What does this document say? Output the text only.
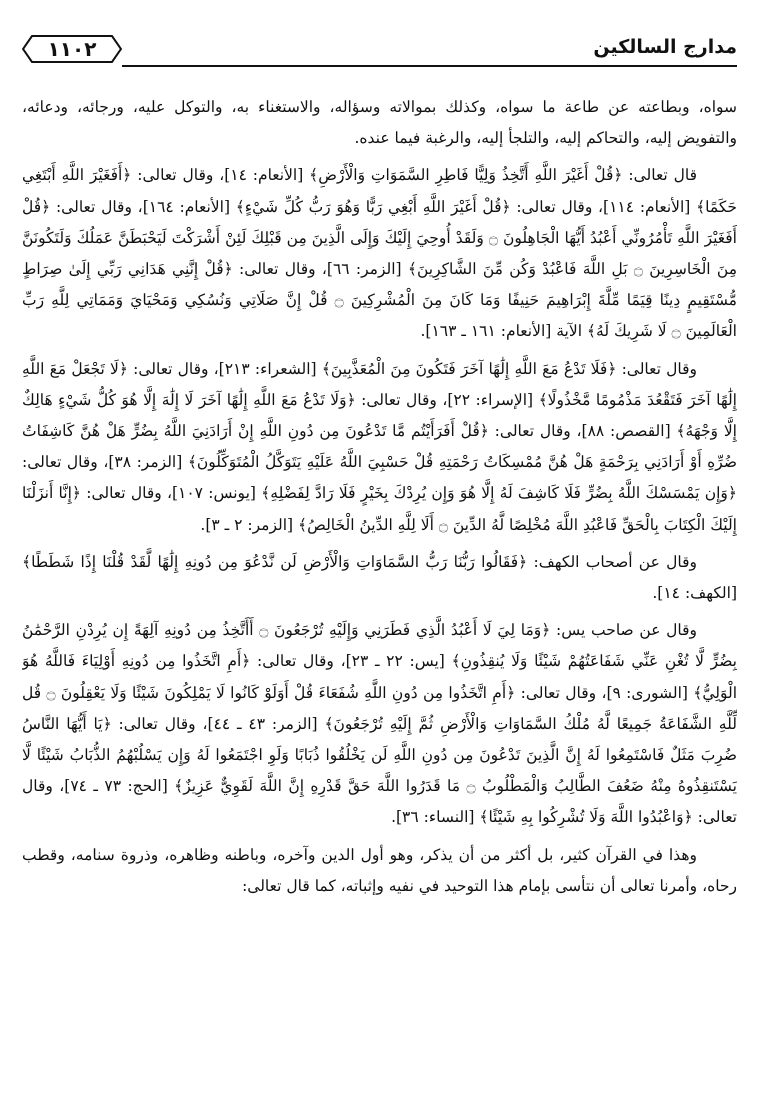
١١٠٢	مدارج السالكين

سواه، وبطاعته عن طاعة ما سواه، وكذلك بموالاته وسؤاله، والاستغناء به، والتوكل عليه، ورجائه، ودعائه، والتفويض إليه، والتحاكم إليه، والتلجأ إليه، والرغبة فيما عنده.

قال تعالى: ﴿قُلْ أَغَيْرَ اللَّهِ أَتَّخِذُ وَلِيًّا فَاطِرِ السَّمَوَاتِ وَالْأَرْضِ﴾ [الأنعام: ١٤]، وقال تعالى: ﴿أَفَغَيْرَ اللَّهِ أَبْتَغِي حَكَمًا﴾ [الأنعام: ١١٤]، وقال تعالى: ﴿قُلْ أَغَيْرَ اللَّهِ أَبْغِي رَبًّا وَهُوَ رَبُّ كُلِّ شَيْءٍ﴾ [الأنعام: ١٦٤]، وقال تعالى: ﴿قُلْ أَفَغَيْرَ اللَّهِ تَأْمُرُونِّي أَعْبُدُ أَيُّهَا الْجَاهِلُونَ ۝ وَلَقَدْ أُوحِيَ إِلَيْكَ وَإِلَى الَّذِينَ مِن قَبْلِكَ لَئِنْ أَشْرَكْتَ لَيَحْبَطَنَّ عَمَلُكَ وَلَتَكُونَنَّ مِنَ الْخَاسِرِينَ ۝ بَلِ اللَّهَ فَاعْبُدْ وَكُن مِّنَ الشَّاكِرِينَ﴾ [الزمر: ٦٦]، وقال تعالى: ﴿قُلْ إِنَّنِي هَدَانِي رَبِّي إِلَىٰ صِرَاطٍ مُّسْتَقِيمٍ دِينًا قِيَمًا مِّلَّةَ إِبْرَاهِيمَ حَنِيفًا وَمَا كَانَ مِنَ الْمُشْرِكِينَ ۝ قُلْ إِنَّ صَلَاتِي وَنُسُكِي وَمَحْيَايَ وَمَمَاتِي لِلَّهِ رَبِّ الْعَالَمِينَ ۝ لَا شَرِيكَ لَهُ﴾ الآية [الأنعام: ١٦١ ـ ١٦٣].

وقال تعالى: ﴿فَلَا تَدْعُ مَعَ اللَّهِ إِلَٰهًا آخَرَ فَتَكُونَ مِنَ الْمُعَذَّبِينَ﴾ [الشعراء: ٢١٣]، وقال تعالى: ﴿لَا تَجْعَلْ مَعَ اللَّهِ إِلَٰهًا آخَرَ فَتَقْعُدَ مَذْمُومًا مَّخْذُولًا﴾ [الإسراء: ٢٢]، وقال تعالى: ﴿وَلَا تَدْعُ مَعَ اللَّهِ إِلَٰهًا آخَرَ لَا إِلَٰهَ إِلَّا هُوَ كُلُّ شَيْءٍ هَالِكٌ إِلَّا وَجْهَهُ﴾ [القصص: ٨٨]، وقال تعالى: ﴿قُلْ أَفَرَأَيْتُم مَّا تَدْعُونَ مِن دُونِ اللَّهِ إِنْ أَرَادَنِيَ اللَّهُ بِضُرٍّ هَلْ هُنَّ كَاشِفَاتُ ضُرِّهِ أَوْ أَرَادَنِي بِرَحْمَةٍ هَلْ هُنَّ مُمْسِكَاتُ رَحْمَتِهِ قُلْ حَسْبِيَ اللَّهُ عَلَيْهِ يَتَوَكَّلُ الْمُتَوَكِّلُونَ﴾ [الزمر: ٣٨]، وقال تعالى: ﴿وَإِن يَمْسَسْكَ اللَّهُ بِضُرٍّ فَلَا كَاشِفَ لَهُ إِلَّا هُوَ وَإِن يُرِدْكَ بِخَيْرٍ فَلَا رَادَّ لِفَضْلِهِ﴾ [يونس: ١٠٧]، وقال تعالى: ﴿إِنَّا أَنزَلْنَا إِلَيْكَ الْكِتَابَ بِالْحَقِّ فَاعْبُدِ اللَّهَ مُخْلِصًا لَّهُ الدِّينَ ۝ أَلَا لِلَّهِ الدِّينُ الْخَالِصُ﴾ [الزمر: ٢ ـ ٣].

وقال عن أصحاب الكهف: ﴿فَقَالُوا رَبُّنَا رَبُّ السَّمَاوَاتِ وَالْأَرْضِ لَن نَّدْعُوَ مِن دُونِهِ إِلَٰهًا لَّقَدْ قُلْنَا إِذًا شَطَطًا﴾ [الكهف: ١٤].

وقال عن صاحب يس: ﴿وَمَا لِيَ لَا أَعْبُدُ الَّذِي فَطَرَنِي وَإِلَيْهِ تُرْجَعُونَ ۝ أَأَتَّخِذُ مِن دُونِهِ آلِهَةً إِن يُرِدْنِ الرَّحْمَٰنُ بِضُرٍّ لَّا تُغْنِ عَنِّي شَفَاعَتُهُمْ شَيْئًا وَلَا يُنقِذُونِ﴾ [يس: ٢٢ ـ ٢٣]، وقال تعالى: ﴿أَمِ اتَّخَذُوا مِن دُونِهِ أَوْلِيَاءَ فَاللَّهُ هُوَ الْوَلِيُّ﴾ [الشورى: ٩]، وقال تعالى: ﴿أَمِ اتَّخَذُوا مِن دُونِ اللَّهِ شُفَعَاءَ قُلْ أَوَلَوْ كَانُوا لَا يَمْلِكُونَ شَيْئًا وَلَا يَعْقِلُونَ ۝ قُل لِّلَّهِ الشَّفَاعَةُ جَمِيعًا لَّهُ مُلْكُ السَّمَاوَاتِ وَالْأَرْضِ ثُمَّ إِلَيْهِ تُرْجَعُونَ﴾ [الزمر: ٤٣ ـ ٤٤]، وقال تعالى: ﴿يَا أَيُّهَا النَّاسُ ضُرِبَ مَثَلٌ فَاسْتَمِعُوا لَهُ إِنَّ الَّذِينَ تَدْعُونَ مِن دُونِ اللَّهِ لَن يَخْلُقُوا ذُبَابًا وَلَوِ اجْتَمَعُوا لَهُ وَإِن يَسْلُبْهُمُ الذُّبَابُ شَيْئًا لَّا يَسْتَنقِذُوهُ مِنْهُ ضَعُفَ الطَّالِبُ وَالْمَطْلُوبُ ۝ مَا قَدَرُوا اللَّهَ حَقَّ قَدْرِهِ إِنَّ اللَّهَ لَقَوِيٌّ عَزِيزٌ﴾ [الحج: ٧٣ ـ ٧٤]، وقال تعالى: ﴿وَاعْبُدُوا اللَّهَ وَلَا تُشْرِكُوا بِهِ شَيْئًا﴾ [النساء: ٣٦].

وهذا في القرآن كثير، بل أكثر من أن يذكر، وهو أول الدين وآخره، وباطنه وظاهره، وذروة سنامه، وقطب رحاه، وأمرنا تعالى أن نتأسى بإمام هذا التوحيد في نفيه وإثباته، كما قال تعالى:
